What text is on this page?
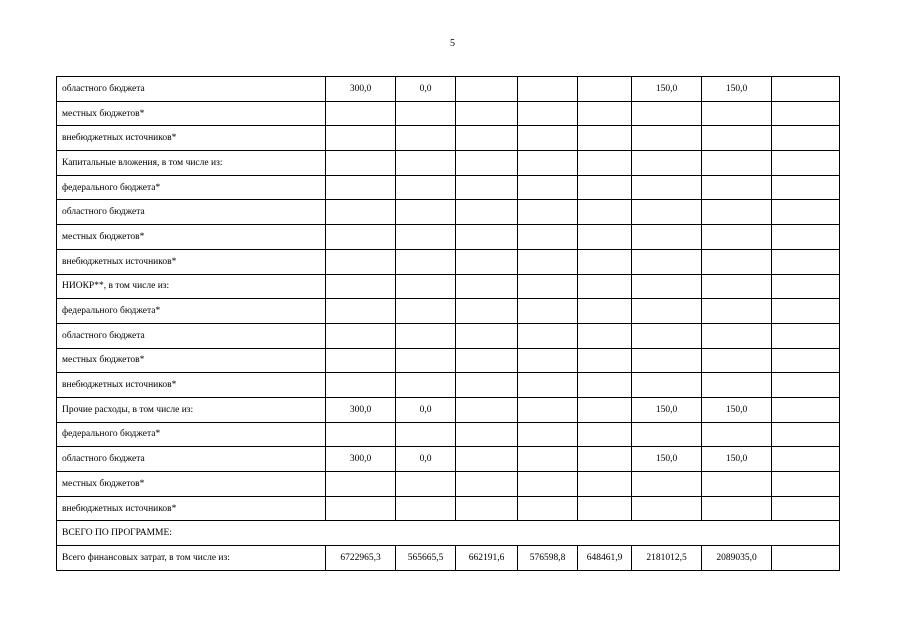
5
областного бюджета	300,0	0,0				150,0	150,0	
местных бюджетов*								
внебюджетных источников*								
Капитальные вложения, в том числе из:								
федерального бюджета*								
областного бюджета								
местных бюджетов*								
внебюджетных источников*								
НИОКР**, в том числе из:								
федерального бюджета*								
областного бюджета								
местных бюджетов*								
внебюджетных источников*								
Прочие расходы, в том числе из:	300,0	0,0				150,0	150,0	
федерального бюджета*								
областного бюджета	300,0	0,0				150,0	150,0	
местных бюджетов*								
внебюджетных источников*								
ВСЕГО ПО ПРОГРАММЕ:								
Всего финансовых затрат, в том числе из:	6722965,3	565665,5	662191,6	576598,8	648461,9	2181012,5	2089035,0	
